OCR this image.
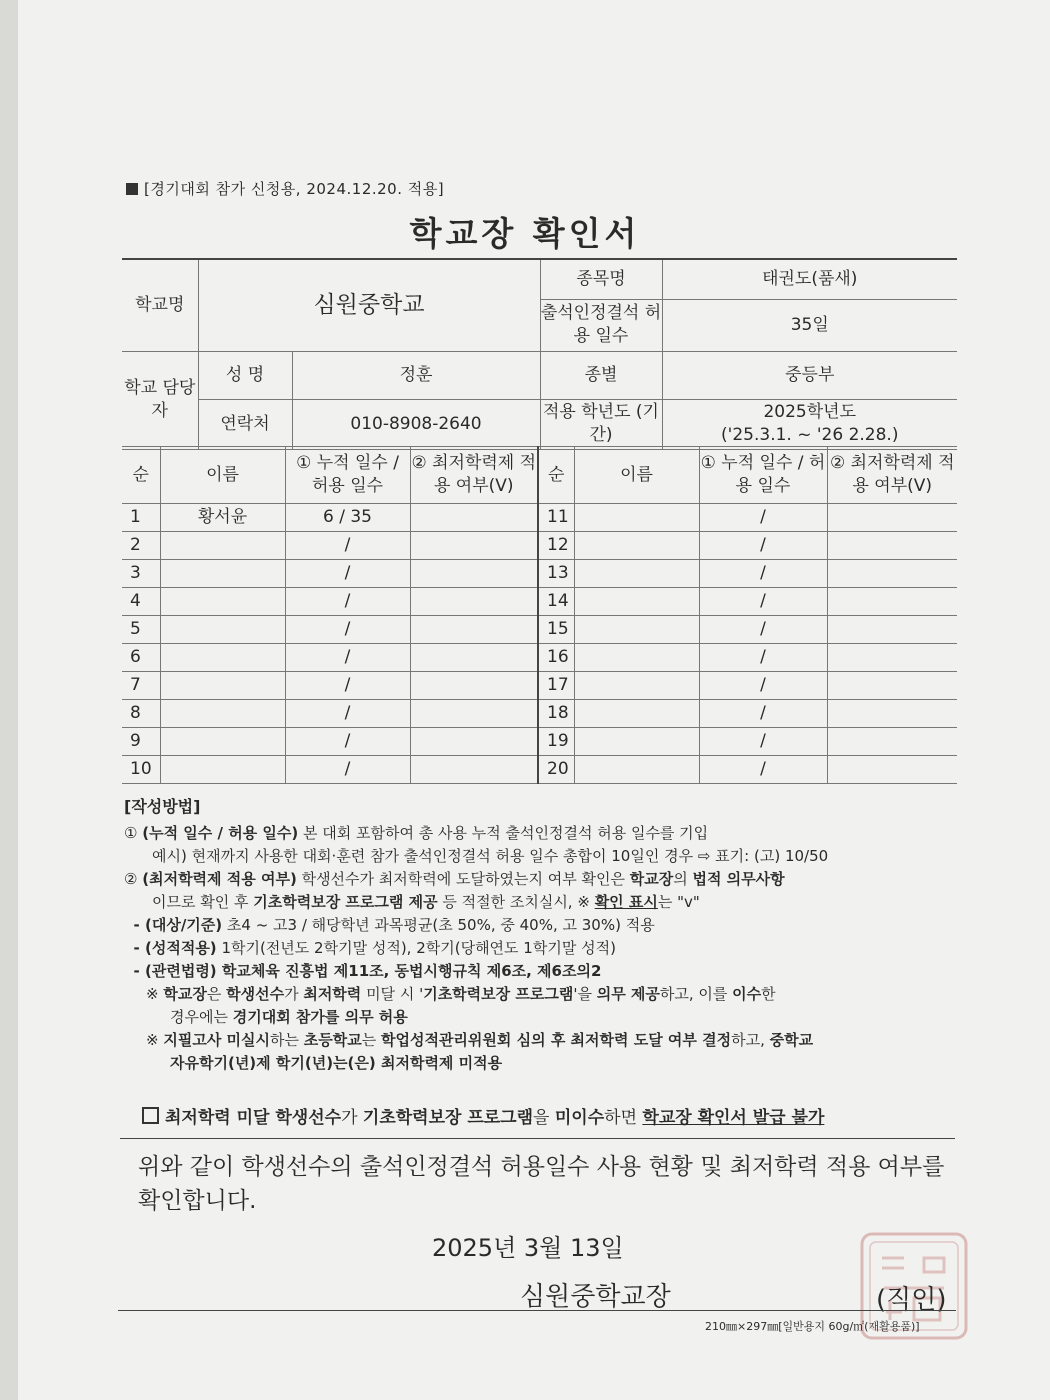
[경기대회 참가 신청용, 2024.12.20. 적용]
학교장 확인서
학교명	심원중학교		종목명	태권도(품새)
			출석인정결석 허용 일수	35일
학교 담당자	성 명	정훈	종별	중등부
	연락처	010-8908-2640	적용 학년도 (기간)	2025학년도
('25.3.1. ~ '26 2.28.)
순	이름	① 누적 일수 / 허용 일수	② 최저학력제 적용 여부(V)	순	이름	① 누적 일수 / 허용 일수	② 최저학력제 적용 여부(V)
1	황서윤	6 / 35		11		/	
2		/		12		/	
3		/		13		/	
4		/		14		/	
5		/		15		/	
6		/		16		/	
7		/		17		/	
8		/		18		/	
9		/		19		/	
10		/		20		/	
[작성방법]
① (누적 일수 / 허용 일수) 본 대회 포함하여 총 사용 누적 출석인정결석 허용 일수를 기입
예시) 현재까지 사용한 대회·훈련 참가 출석인정결석 허용 일수 총합이 10일인 경우 ⇨ 표기: (고) 10/50
② (최저학력제 적용 여부) 학생선수가 최저학력에 도달하였는지 여부 확인은 학교장의 법적 의무사항
이므로 확인 후 기초학력보장 프로그램 제공 등 적절한 조치실시, ※ 확인 표시는 "v"
- (대상/기준) 초4 ~ 고3 / 해당학년 과목평균(초 50%, 중 40%, 고 30%) 적용
- (성적적용) 1학기(전년도 2학기말 성적), 2학기(당해연도 1학기말 성적)
- (관련법령) 학교체육 진흥법 제11조, 동법시행규칙 제6조, 제6조의2
※ 학교장은 학생선수가 최저학력 미달 시 '기초학력보장 프로그램'을 의무 제공하고, 이를 이수한
경우에는 경기대회 참가를 의무 허용
※ 지필고사 미실시하는 초등학교는 학업성적관리위원회 심의 후 최저학력 도달 여부 결정하고, 중학교
자유학기(년)제 학기(년)는(은) 최저학력제 미적용
최저학력 미달 학생선수가 기초학력보장 프로그램을 미이수하면 학교장 확인서 발급 불가
위와 같이 학생선수의 출석인정결석 허용일수 사용 현황 및 최저학력 적용 여부를 확인합니다.
2025년 3월 13일
심원중학교장	(직인)
210㎜×297㎜[일반용지 60g/㎡(재활용품)]
